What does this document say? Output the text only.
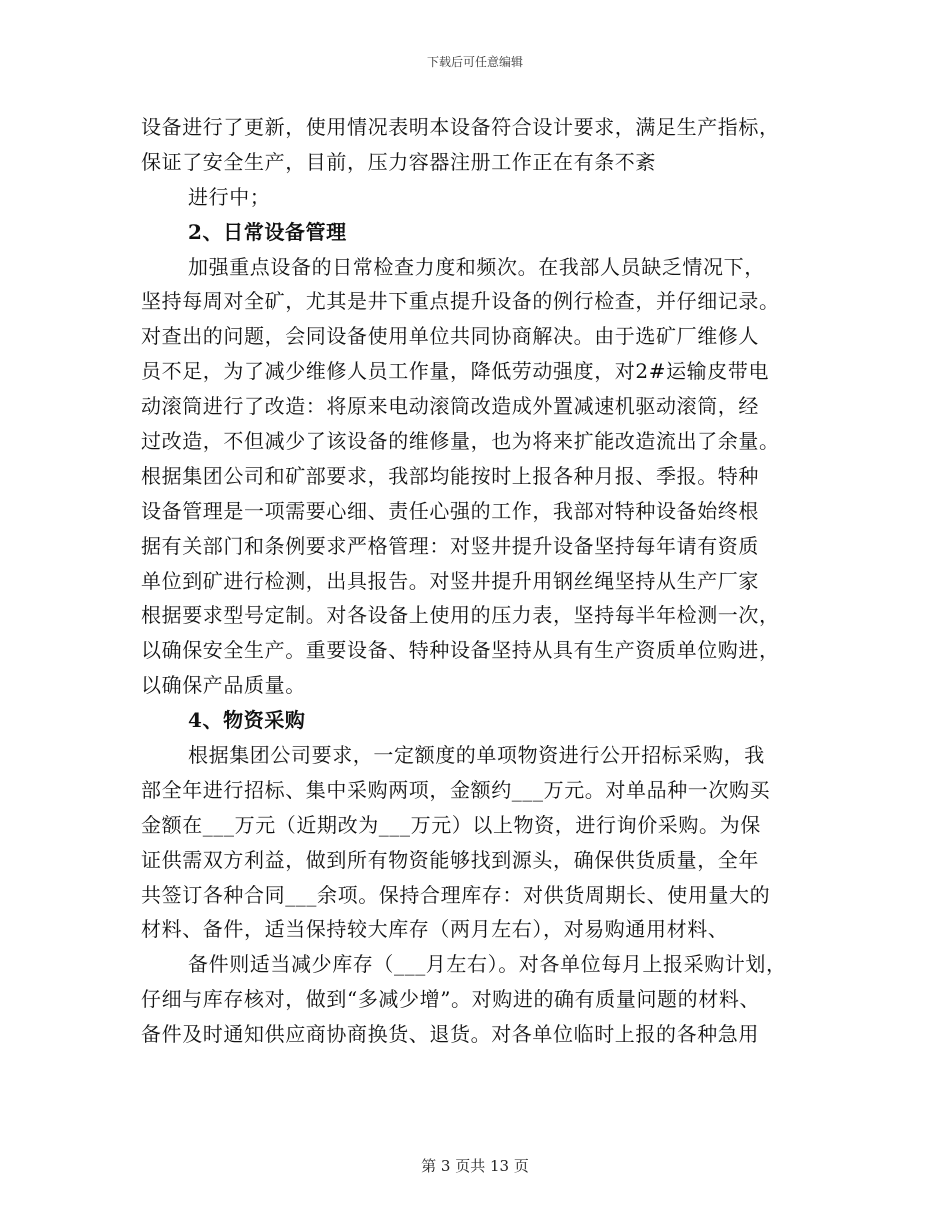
下载后可任意编辑
设备进行了更新，使用情况表明本设备符合设计要求，满足生产指标，
保证了安全生产，目前，压力容器注册工作正在有条不紊
进行中；
2、日常设备管理
加强重点设备的日常检查力度和频次。在我部人员缺乏情况下，
坚持每周对全矿，尤其是井下重点提升设备的例行检查，并仔细记录。
对查出的问题，会同设备使用单位共同协商解决。由于选矿厂维修人
员不足，为了减少维修人员工作量，降低劳动强度，对2#运输皮带电
动滚筒进行了改造：将原来电动滚筒改造成外置减速机驱动滚筒，经
过改造，不但减少了该设备的维修量，也为将来扩能改造流出了余量。
根据集团公司和矿部要求，我部均能按时上报各种月报、季报。特种
设备管理是一项需要心细、责任心强的工作，我部对特种设备始终根
据有关部门和条例要求严格管理：对竖井提升设备坚持每年请有资质
单位到矿进行检测，出具报告。对竖井提升用钢丝绳坚持从生产厂家
根据要求型号定制。对各设备上使用的压力表，坚持每半年检测一次，
以确保安全生产。重要设备、特种设备坚持从具有生产资质单位购进，
以确保产品质量。
4、物资采购
根据集团公司要求，一定额度的单项物资进行公开招标采购，我
部全年进行招标、集中采购两项，金额约___万元。对单品种一次购买
金额在___万元（近期改为___万元）以上物资，进行询价采购。为保
证供需双方利益，做到所有物资能够找到源头，确保供货质量，全年
共签订各种合同___余项。保持合理库存：对供货周期长、使用量大的
材料、备件，适当保持较大库存（两月左右），对易购通用材料、
备件则适当减少库存（___月左右）。对各单位每月上报采购计划，
仔细与库存核对，做到“多减少增”。对购进的确有质量问题的材料、
备件及时通知供应商协商换货、退货。对各单位临时上报的各种急用
第 3 页共 13 页
